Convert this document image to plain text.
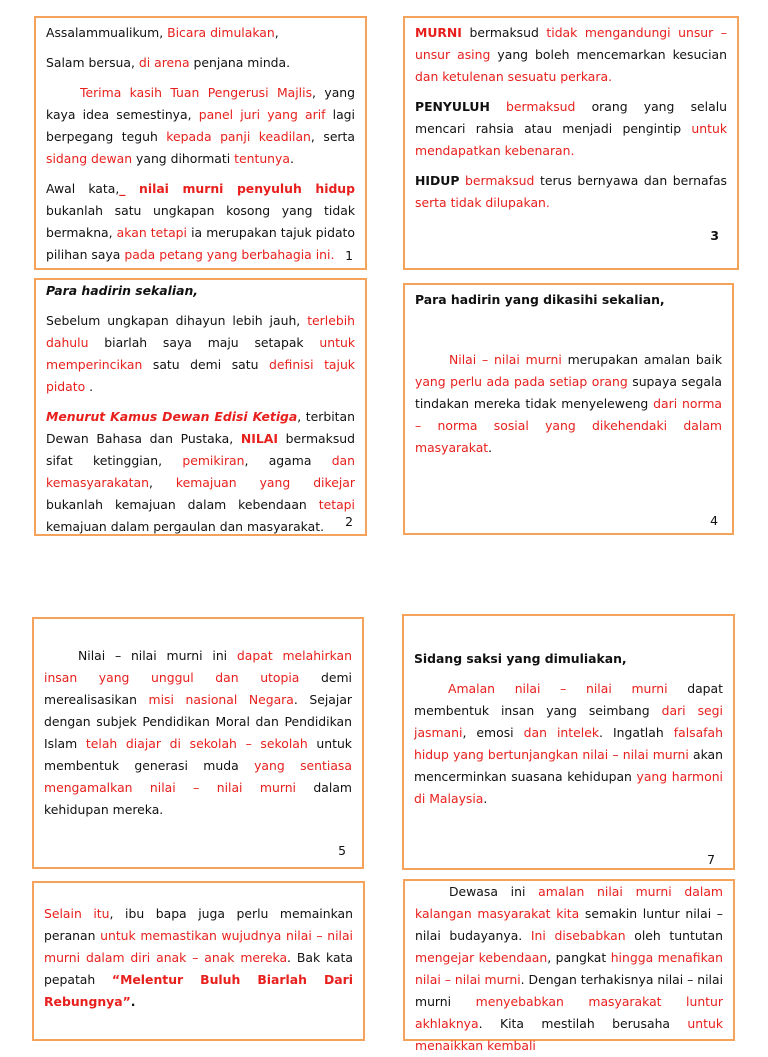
Assalammualikum, Bicara dimulakan,

Salam bersua, di arena penjana minda.

Terima kasih Tuan Pengerusi Majlis, yang kaya idea semestinya, panel juri yang arif lagi berpegang teguh kepada panji keadilan, serta sidang dewan yang dihormati tentunya.

Awal kata,_ nilai murni penyuluh hidup bukanlah satu ungkapan kosong yang tidak bermakna, akan tetapi ia merupakan tajuk pidato pilihan saya pada petang yang berbahagia ini. 1

Para hadirin sekalian,

Sebelum ungkapan dihayun lebih jauh, terlebih dahulu biarlah saya maju setapak untuk memperincikan satu demi satu definisi tajuk pidato .

Menurut Kamus Dewan Edisi Ketiga, terbitan Dewan Bahasa dan Pustaka, NILAI bermaksud sifat ketinggian, pemikiran, agama dan kemasyarakatan, kemajuan yang dikejar bukanlah kemajuan dalam kebendaan tetapi kemajuan dalam pergaulan dan masyarakat.	2

MURNI bermaksud tidak mengandungi unsur – unsur asing yang boleh mencemarkan kesucian dan ketulenan sesuatu perkara.

PENYULUH bermaksud orang yang selalu mencari rahsia atau menjadi pengintip untuk mendapatkan kebenaran.

HIDUP bermaksud terus bernyawa dan bernafas serta tidak dilupakan.

3

Para hadirin yang dikasihi sekalian,

Nilai – nilai murni merupakan amalan baik yang perlu ada pada setiap orang supaya segala tindakan mereka tidak menyeleweng dari norma – norma sosial yang dikehendaki dalam masyarakat.

4

Nilai – nilai murni ini dapat melahirkan insan yang unggul dan utopia demi merealisasikan misi nasional Negara. Sejajar dengan subjek Pendidikan Moral dan Pendidikan Islam telah diajar di sekolah – sekolah untuk membentuk generasi muda yang sentiasa mengamalkan nilai – nilai murni dalam kehidupan mereka.

5

Sidang saksi yang dimuliakan,

Amalan nilai – nilai murni dapat membentuk insan yang seimbang dari segi jasmani, emosi dan intelek. Ingatlah falsafah hidup yang bertunjangkan nilai – nilai murni akan mencerminkan suasana kehidupan yang harmoni di Malaysia.

7

Selain itu, ibu bapa juga perlu memainkan peranan untuk memastikan wujudnya nilai – nilai murni dalam diri anak – anak mereka. Bak kata pepatah “Melentur Buluh Biarlah Dari Rebungnya”.

Dewasa ini amalan nilai murni dalam kalangan masyarakat kita semakin luntur nilai – nilai budayanya. Ini disebabkan oleh tuntutan mengejar kebendaan, pangkat hingga menafikan nilai – nilai murni. Dengan terhakisnya nilai – nilai murni menyebabkan masyarakat luntur akhlaknya. Kita mestilah berusaha untuk menaikkan kembali
